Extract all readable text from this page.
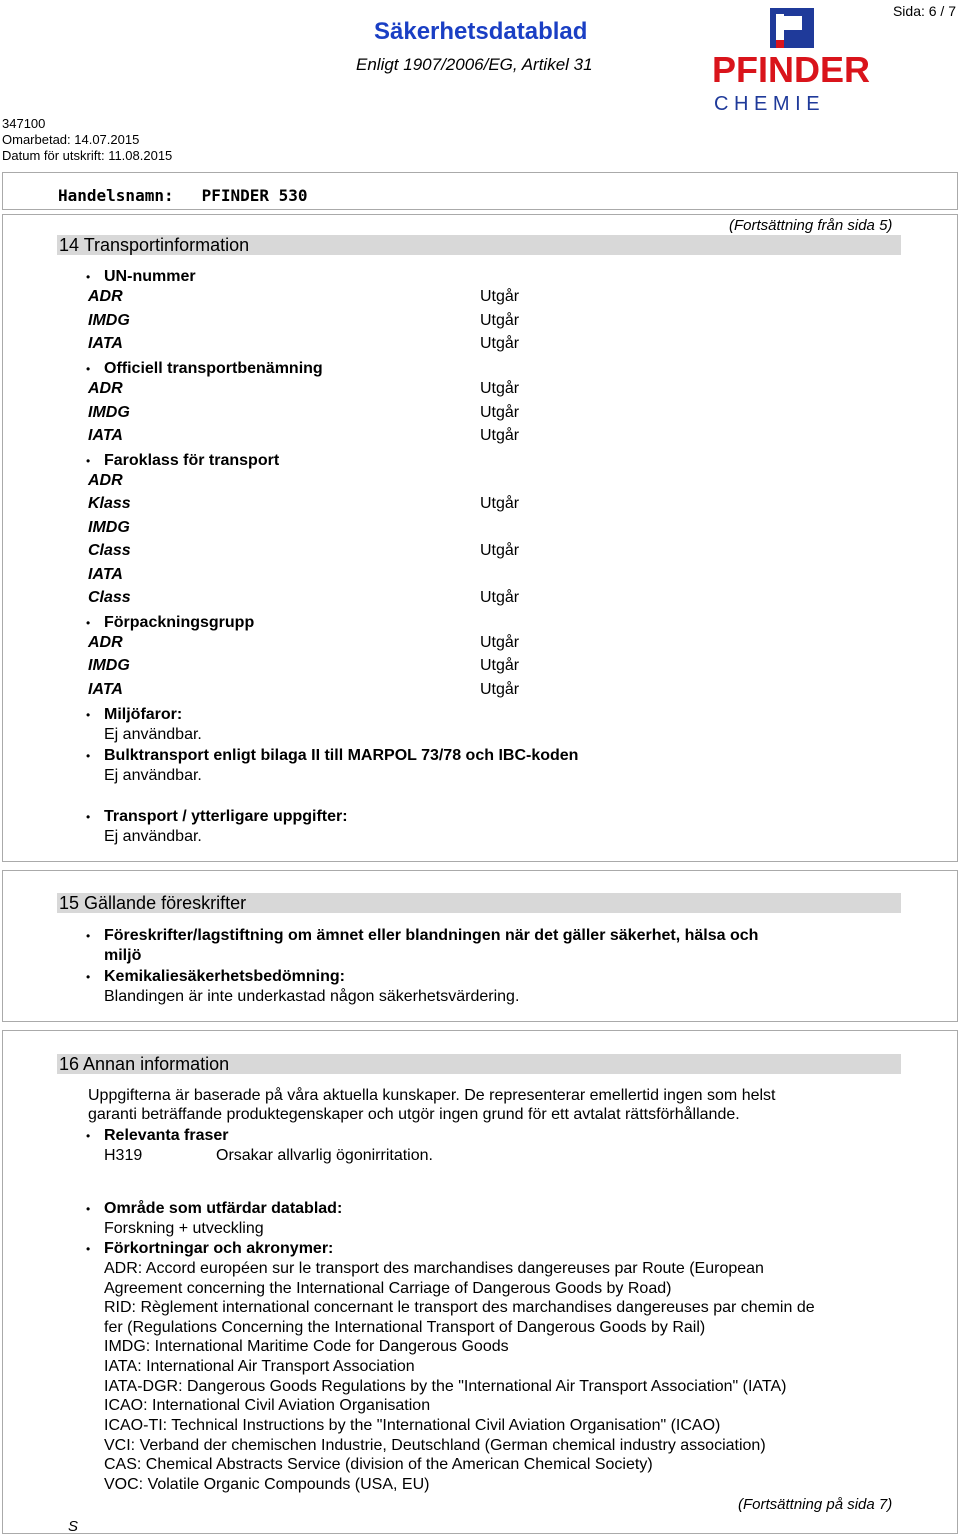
Sida: 6 / 7
Säkerhetsdatablad
Enligt 1907/2006/EG, Artikel 31
347100
Omarbetad: 14.07.2015
Datum för utskrift: 11.08.2015
PFINDER
C H E M I E
Handelsnamn: PFINDER 530
(Fortsättning från sida 5)
14 Transportinformation
• UN-nummer
ADR	Utgår
IMDG	Utgår
IATA	Utgår
• Officiell transportbenämning
ADR	Utgår
IMDG	Utgår
IATA	Utgår
• Faroklass för transport
ADR
Klass	Utgår
IMDG
Class	Utgår
IATA
Class	Utgår
• Förpackningsgrupp
ADR	Utgår
IMDG	Utgår
IATA	Utgår
• Miljöfaror:
Ej användbar.
• Bulktransport enligt bilaga II till MARPOL 73/78 och IBC-koden
Ej användbar.
• Transport / ytterligare uppgifter:
Ej användbar.
15 Gällande föreskrifter
• Föreskrifter/lagstiftning om ämnet eller blandningen när det gäller säkerhet, hälsa och
miljö
• Kemikaliesäkerhetsbedömning:
Blandingen är inte underkastad någon säkerhetsvärdering.
16 Annan information
Uppgifterna är baserade på våra aktuella kunskaper. De representerar emellertid ingen som helst
garanti beträffande produktegenskaper och utgör ingen grund för ett avtalat rättsförhållande.
• Relevanta fraser
H319	Orsakar allvarlig ögonirritation.
• Område som utfärdar datablad:
Forskning + utveckling
• Förkortningar och akronymer:
ADR: Accord européen sur le transport des marchandises dangereuses par Route (European
Agreement concerning the International Carriage of Dangerous Goods by Road)
RID: Règlement international concernant le transport des marchandises dangereuses par chemin de
fer (Regulations Concerning the International Transport of Dangerous Goods by Rail)
IMDG: International Maritime Code for Dangerous Goods
IATA: International Air Transport Association
IATA-DGR: Dangerous Goods Regulations by the "International Air Transport Association" (IATA)
ICAO: International Civil Aviation Organisation
ICAO-TI: Technical Instructions by the "International Civil Aviation Organisation" (ICAO)
VCI: Verband der chemischen Industrie, Deutschland (German chemical industry association)
CAS: Chemical Abstracts Service (division of the American Chemical Society)
VOC: Volatile Organic Compounds (USA, EU)
(Fortsättning på sida 7)
S
